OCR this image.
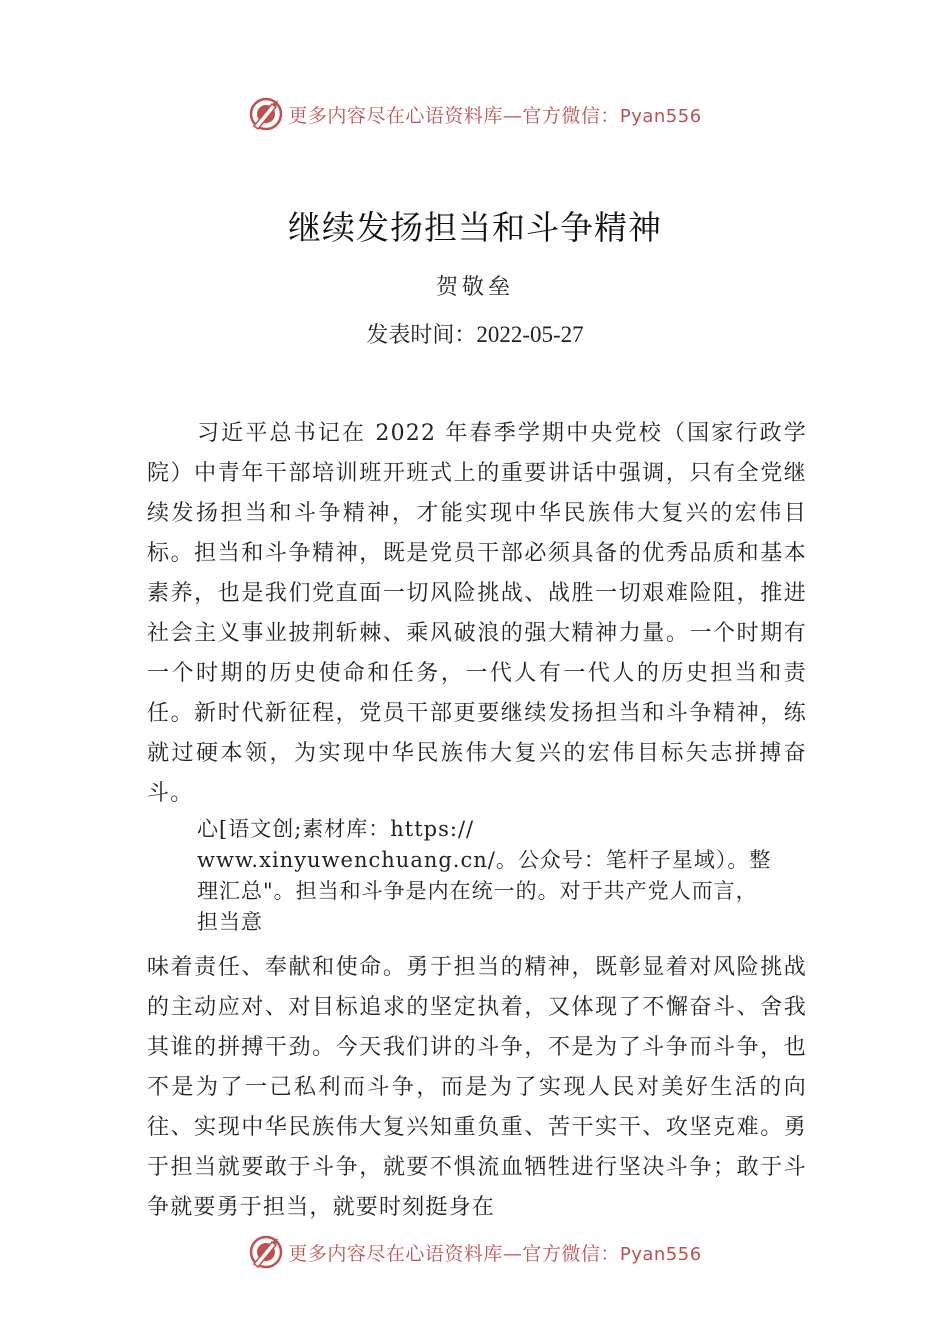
更多内容尽在心语资料库—官方微信：Pyan556
继续发扬担当和斗争精神
贺敬垒
发表时间：2022-05-27
习近平总书记在 2022 年春季学期中央党校（国家行政学院）中青年干部培训班开班式上的重要讲话中强调，只有全党继续发扬担当和斗争精神，才能实现中华民族伟大复兴的宏伟目标。担当和斗争精神，既是党员干部必须具备的优秀品质和基本素养，也是我们党直面一切风险挑战、战胜一切艰难险阻，推进社会主义事业披荆斩棘、乘风破浪的强大精神力量。一个时期有一个时期的历史使命和任务，一代人有一代人的历史担当和责任。新时代新征程，党员干部更要继续发扬担当和斗争精神，练就过硬本领，为实现中华民族伟大复兴的宏伟目标矢志拼搏奋斗。
心[语文创;素材库：https://
www.xinyuwenchuang.cn/。公众号：笔杆子星域）。整
理汇总"。担当和斗争是内在统一的。对于共产党人而言，
担当意
味着责任、奉献和使命。勇于担当的精神，既彰显着对风险挑战的主动应对、对目标追求的坚定执着，又体现了不懈奋斗、舍我其谁的拼搏干劲。今天我们讲的斗争，不是为了斗争而斗争，也不是为了一己私利而斗争，而是为了实现人民对美好生活的向往、实现中华民族伟大复兴知重负重、苦干实干、攻坚克难。勇于担当就要敢于斗争，就要不惧流血牺牲进行坚决斗争；敢于斗争就要勇于担当，就要时刻挺身在
更多内容尽在心语资料库—官方微信：Pyan556
